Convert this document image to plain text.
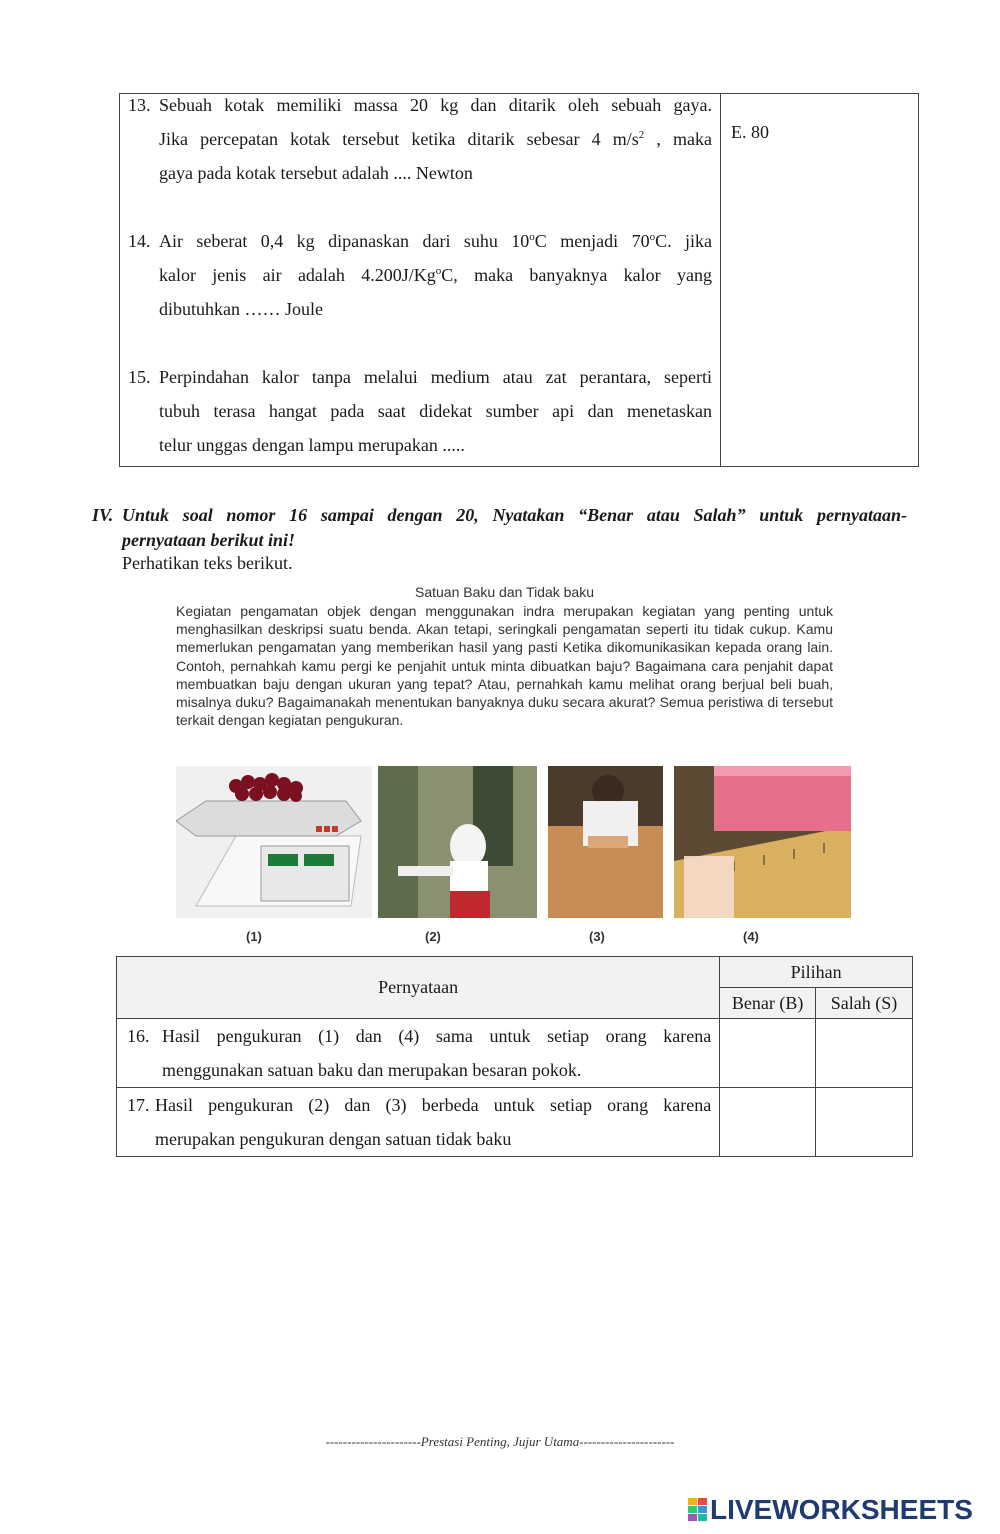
13. Sebuah kotak memiliki massa 20 kg dan ditarik oleh sebuah gaya.
Jika percepatan kotak tersebut ketika ditarik sebesar 4 $m/s^2$ , maka
gaya pada kotak tersebut adalah .... Newton
E. 80
14. Air seberat 0,4 kg dipanaskan dari suhu 10$^o$C menjadi 70$^o$C. jika
kalor jenis air adalah 4.200J/Kg$^o$C, maka banyaknya kalor yang
dibutuhkan …… Joule
15. Perpindahan kalor tanpa melalui medium atau zat perantara, seperti
tubuh terasa hangat pada saat didekat sumber api dan menetaskan
telur unggas dengan lampu merupakan .....
IV. Untuk soal nomor 16 sampai dengan 20, Nyatakan “Benar atau Salah” untuk pernyataan-
pernyataan berikut ini!
Perhatikan teks berikut.
Satuan Baku dan Tidak baku
Kegiatan pengamatan objek dengan menggunakan indra merupakan kegiatan yang penting untuk menghasilkan deskripsi suatu benda. Akan tetapi, seringkali pengamatan seperti itu tidak cukup. Kamu memerlukan pengamatan yang memberikan hasil yang pasti Ketika dikomunikasikan kepada orang lain. Contoh, pernahkah kamu pergi ke penjahit untuk minta dibuatkan baju? Bagaimana cara penjahit dapat membuatkan baju dengan ukuran yang tepat? Atau, pernahkah kamu melihat orang berjual beli buah, misalnya duku? Bagaimanakah menentukan banyaknya duku secara akurat? Semua peristiwa di tersebut terkait dengan kegiatan pengukuran.
(1)	(2)	(3)	(4)
Pernyataan	Pilihan	
	Benar (B)	Salah (S)

16. Hasil pengukuran (1) dan (4) sama untuk setiap orang karena
menggunakan satuan baku dan merupakan besaran pokok.		

17. Hasil pengukuran (2) dan (3) berbeda untuk setiap orang karena
merupakan pengukuran dengan satuan tidak baku		

----------------------Prestasi Penting, Jujur Utama----------------------
LIVEWORKSHEETS
